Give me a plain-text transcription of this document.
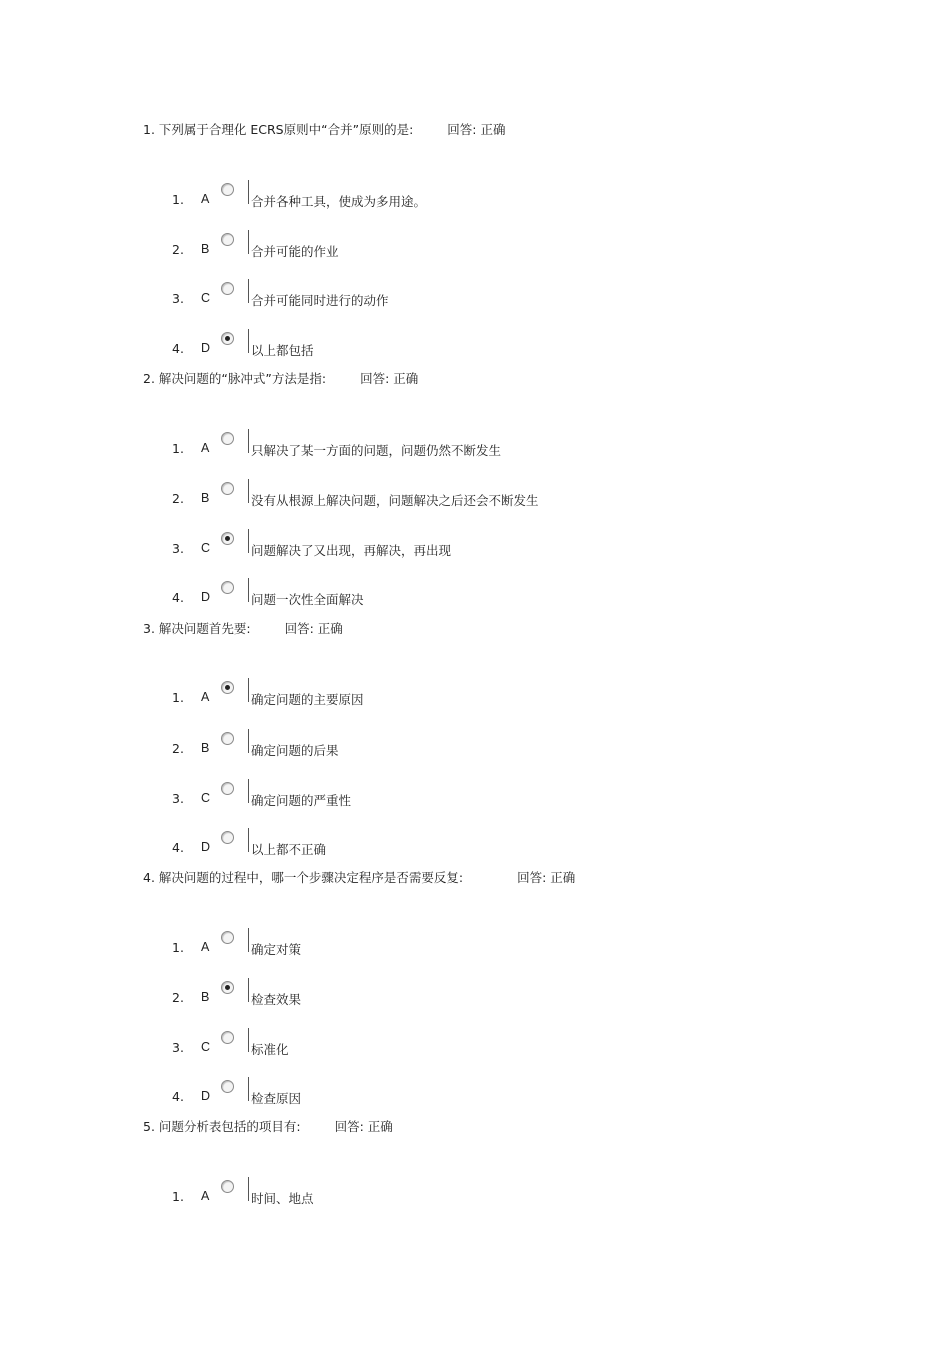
1. 下列属于合理化 ECRS原则中“合并”原则的是:	回答: 正确
1. A	合并各种工具，使成为多用途。
2. B	合并可能的作业
3. C	合并可能同时进行的动作
4. D	以上都包括
2. 解决问题的“脉冲式”方法是指:	回答: 正确
1. A	只解决了某一方面的问题，问题仍然不断发生
2. B	没有从根源上解决问题，问题解决之后还会不断发生
3. C	问题解决了又出现，再解决，再出现
4. D	问题一次性全面解决
3. 解决问题首先要:	回答: 正确
1. A	确定问题的主要原因
2. B	确定问题的后果
3. C	确定问题的严重性
4. D	以上都不正确
4. 解决问题的过程中，哪一个步骤决定程序是否需要反复:	回答: 正确
1. A	确定对策
2. B	检查效果
3. C	标准化
4. D	检查原因
5. 问题分析表包括的项目有:	回答: 正确
1. A	时间、地点
